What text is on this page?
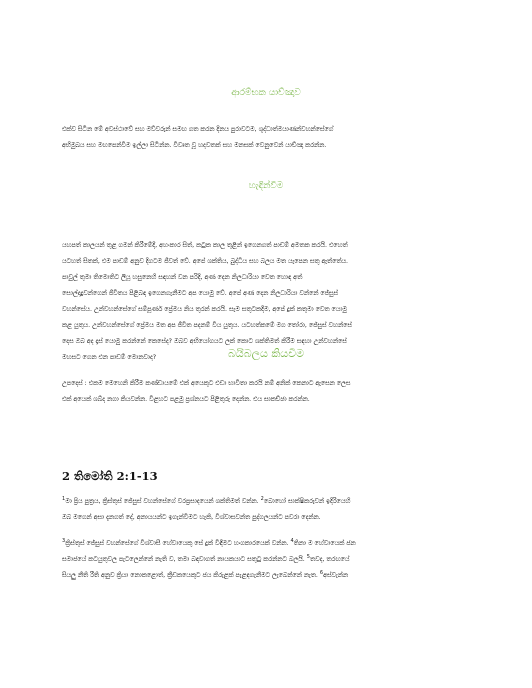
ආරම්භක යාච්ඤාව
එක්ව සිටින මේ අවස්ථාවේ සහ මව්වරුන් සමඟ ගත කරන දිනය පුරාවටම, ශුද්ධාත්මයාණන්වහන්සේගේ
අභිමුඛය සහ මඟපෙන්වීම ඉල්ලා සිටින්න. විවෘත වූ හදවතක් සහ මනසක් වෙනුවෙන් යාච්ඤා කරන්න.
හැඳින්වීම
යහපත් කාලයන් තුළ ගමන් කිරීමේදී, අහංකාර සිත්, කටුක කාල තුළින් ඉගෙනගත් පාඩම් අමතක කරයි. එහෙත්
යටහත් සිතක්, එම පාඩම් අනුව දිගටම ජීවත් වේ. අපේ ශක්තිය, බුද්ධිය සහ බලය මත යැපෙන සතු ඇත්තේය.
පාවුල් තුමා තිමොතිට ලියූ හසුනෙහි සඳහන් වන පරිදි, අණ දෙන නිලධාරියා වෙත හොඳ අත්
සොල්දාදුවන්ගෙන් ජීවිතය පිළිබඳ ඉගෙනගැනීමට අප යොමු වේ. අපේ අණ දෙන නිලධාරියා වන්නේ ජේසුස්
වහන්සේය. උන්වහන්සේගේ සම්පූර්ණ ප්‍රේමය නිය තුරන් කරයි. සැම සතුටකදීම, අපේ දුක් කතුමා වෙත යොමු
කළ යුතුය. උන්වහන්සේගේ ප්‍රේමය මත අප ජීවිත පදනම් විය යුතුය. යටහත්කමේ මග තෝරා, ජේසුස් වහන්සේ
දෙස ඔබ අද දෑස් යොමු කරන්නේ කෙසේද? ඔබව අභියෝගයට ලක් කොට ශක්තිමත් කිරීම සඳහා උන්වහන්සේ
මහසට ගෙන එන පාඩම් මොනවාද?	බයිබලය කියවීම
උපදෙස් : එකම මෙහෙනි කිරීම කණ්ඩායමේ එක් අයෙකුට එඩා භාවිතා කරයි නම් අනික් කෙනාට ඇසෙන ලෙස
එක් අයෙක් ශබ්ද නගා කියවන්න. විළහට පළමු ප්‍රශ්නයට පිළිතුරු දෙන්න. එය සාකච්ඡා කරන්න.
2 තිමෝති 2:1-13
$^1$මා ප්‍රිය පුත්‍රය, ක්‍රිස්තුස් ජේසුස් වහන්සේගේ වරප්‍රසාදයෙන් ශක්තිමත් වන්න. $^2$බොහෝ සාක්ෂිකරුවන් ඉදිරියෙහි
ඔබ මගෙන් අසා දැනගත් දේ, අනායයන්ට ඉගැන්වීමට හැකි, විශ්වාසවන්ත පුද්ගලයන්ට පවරා දෙන්න.
$^3$ක්‍රිස්තුස් ජේසුස් වහන්සේගේ විශ්වාසී හේවායෙකු සේ දුක් විඳීමට හංගකාරයෙක් වන්න. $^4$තිනා ම හේවායෙක් ජන
සමාජයේ කටයුතුවල පැටලෙන්නේ නැති ව, තමා බඳවාගත් නායකයාට සතුටු කරන්නට බලයි. $^5$තවද, තරඟයේ
සියලු නීති රීති අනුව ක්‍රියා නොකළොත්, ක්‍රීඩකයෙකුට ජය කිරුළක් පැළඳගැනීමට ලැබෙන්නේ නැත. $^6$අස්වැන්න
